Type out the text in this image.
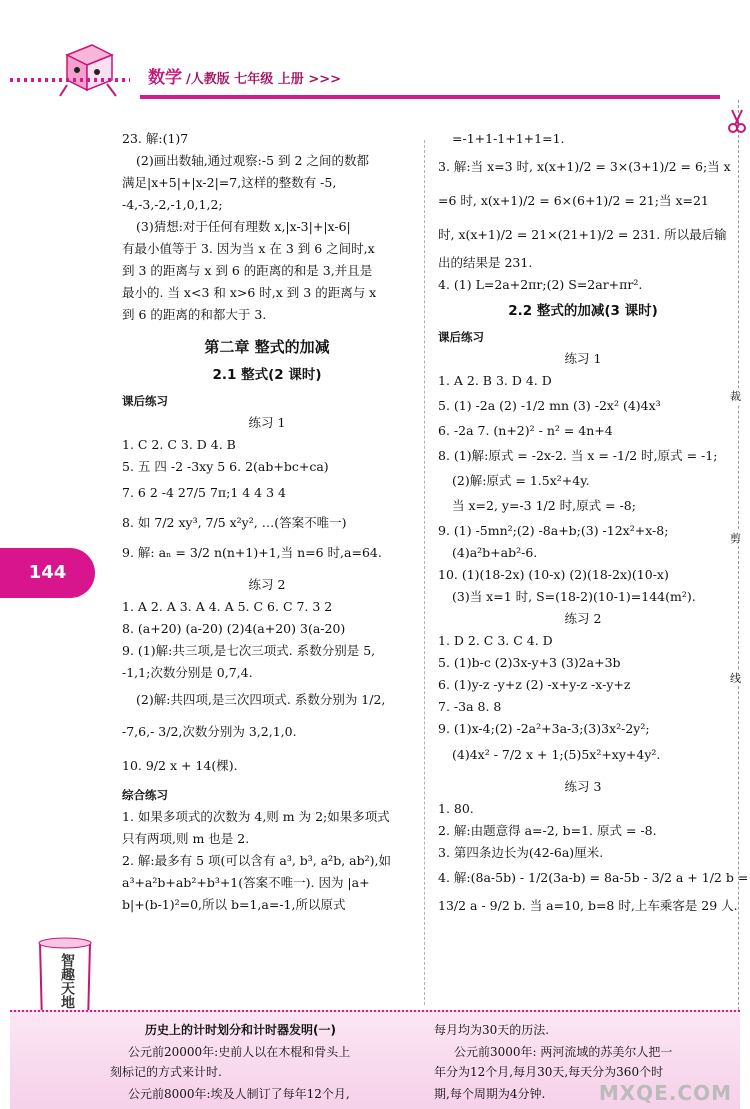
数学 /人教版 七年级 上册 >>>
裁
剪
线
144

23. 解:(1)7

(2)画出数轴,通过观察:-5 到 2 之间的数都

满足|x+5|+|x-2|=7,这样的整数有 -5,

-4,-3,-2,-1,0,1,2;

(3)猜想:对于任何有理数 x,|x-3|+|x-6|

有最小值等于 3. 因为当 x 在 3 到 6 之间时,x

到 3 的距离与 x 到 6 的距离的和是 3,并且是

最小的. 当 x<3 和 x>6 时,x 到 3 的距离与 x

到 6 的距离的和都大于 3.

第二章 整式的加减
2.1 整式(2 课时)

课后练习

练习 1

1. C 2. C 3. D 4. B

5. 五 四 -2 -3xy 5 6. 2(ab+bc+ca)

7. 6 2 -4 27/5 7π;1 4 4 3 4

8. 如 7/2 xy³, 7/5 x²y², …(答案不唯一)

9. 解: aₙ = 3/2 n(n+1)+1,当 n=6 时,a=64.

练习 2

1. A 2. A 3. A 4. A 5. C 6. C 7. 3 2

8. (a+20) (a-20) (2)4(a+20) 3(a-20)

9. (1)解:共三项,是七次三项式. 系数分别是 5,

-1,1;次数分别是 0,7,4.

(2)解:共四项,是三次四项式. 系数分别为 1/2,

-7,6,- 3/2,次数分别为 3,2,1,0.

10. 9/2 x + 14(棵).

综合练习

1. 如果多项式的次数为 4,则 m 为 2;如果多项式

只有两项,则 m 也是 2.

2. 解:最多有 5 项(可以含有 a³, b³, a²b, ab²),如

a³+a²b+ab²+b³+1(答案不唯一). 因为 |a+

b|+(b-1)²=0,所以 b=1,a=-1,所以原式

=-1+1-1+1+1=1.

3. 解:当 x=3 时, x(x+1)/2 = 3×(3+1)/2 = 6;当 x

=6 时, x(x+1)/2 = 6×(6+1)/2 = 21;当 x=21

时, x(x+1)/2 = 21×(21+1)/2 = 231. 所以最后输

出的结果是 231.

4. (1) L=2a+2πr;(2) S=2ar+πr².

2.2 整式的加减(3 课时)

课后练习

练习 1

1. A 2. B 3. D 4. D

5. (1) -2a (2) -1/2 mn (3) -2x² (4)4x³

6. -2a 7. (n+2)² - n² = 4n+4

8. (1)解:原式 = -2x-2. 当 x = -1/2 时,原式 = -1;

(2)解:原式 = 1.5x²+4y.

当 x=2, y=-3 1/2 时,原式 = -8;

9. (1) -5mn²;(2) -8a+b;(3) -12x²+x-8;

(4)a²b+ab²-6.

10. (1)(18-2x) (10-x) (2)(18-2x)(10-x)

(3)当 x=1 时, S=(18-2)(10-1)=144(m²).

练习 2

1. D 2. C 3. C 4. D

5. (1)b-c (2)3x-y+3 (3)2a+3b

6. (1)y-z -y+z (2) -x+y-z -x-y+z

7. -3a 8. 8

9. (1)x-4;(2) -2a²+3a-3;(3)3x²-2y²;

(4)4x² - 7/2 x + 1;(5)5x²+xy+4y².

练习 3

1. 80.

2. 解:由题意得 a=-2, b=1. 原式 = -8.

3. 第四条边长为(42-6a)厘米.

4. 解:(8a-5b) - 1/2(3a-b) = 8a-5b - 3/2 a + 1/2 b =

13/2 a - 9/2 b. 当 a=10, b=8 时,上车乘客是 29 人.

智趣天地
历史上的计时划分和计时器发明(一)
公元前20000年:史前人以在木棍和骨头上
刻标记的方式来计时.
公元前8000年:埃及人制订了每年12个月,
每月均为30天的历法.
公元前3000年: 两河流域的苏美尔人把一
年分为12个月,每月30天,每天分为360个时
期,每个周期为4分钟.	MXQE.COM
